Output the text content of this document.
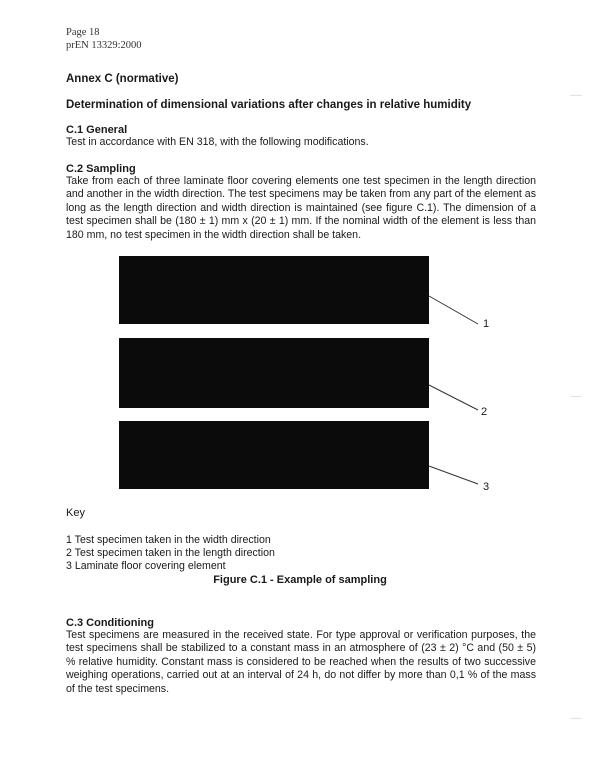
Page 18
prEN 13329:2000
Annex C (normative)
Determination of dimensional variations after changes in relative humidity
C.1 General
Test in accordance with EN 318, with the following modifications.
C.2 Sampling
Take from each of three laminate floor covering elements one test specimen in the length direction and another in the width direction. The test specimens may be taken from any part of the element as long as the length direction and width direction is maintained (see figure C.1). The dimension of a test specimen shall be (180 ± 1) mm x (20 ± 1) mm. If the nominal width of the element is less than 180 mm, no test specimen in the width direction shall be taken.
1
2
3
Key
1 Test specimen taken in the width direction
2 Test specimen taken in the length direction
3 Laminate floor covering element
Figure C.1 - Example of sampling
C.3 Conditioning
Test specimens are measured in the received state. For type approval or verification purposes, the test specimens shall be stabilized to a constant mass in an atmosphere of (23 ± 2) °C and (50 ± 5) % relative humidity. Constant mass is considered to be reached when the results of two successive weighing operations, carried out at an interval of 24 h, do not differ by more than 0,1 % of the mass of the test specimens.
